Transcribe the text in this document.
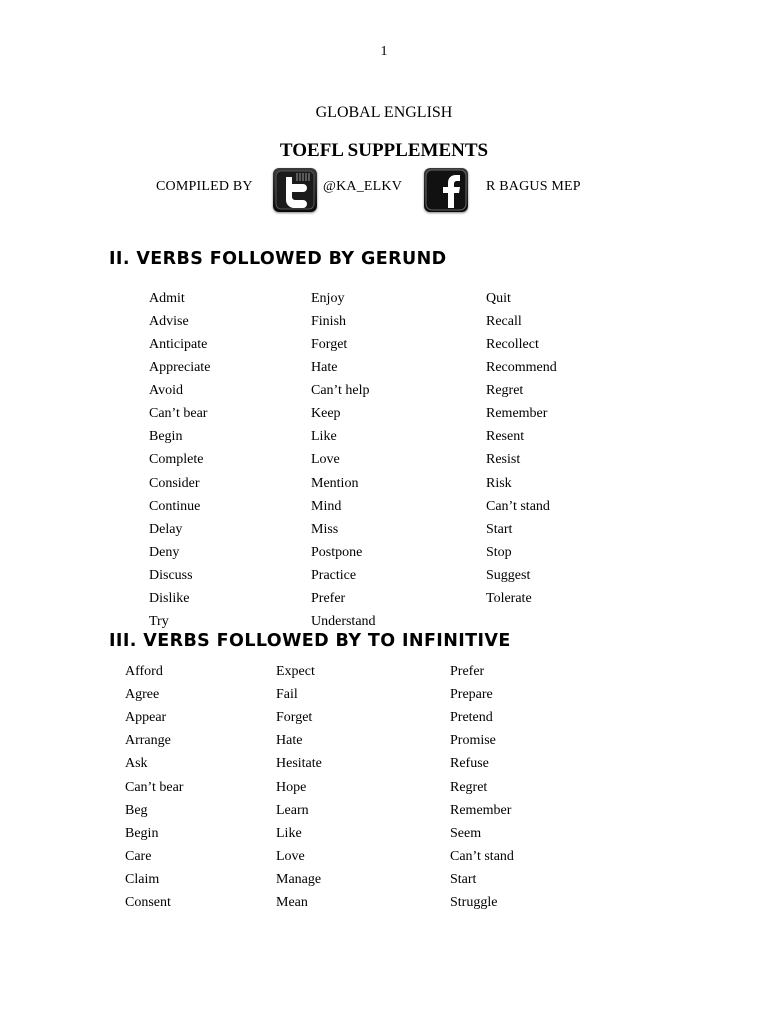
1
GLOBAL ENGLISH
TOEFL SUPPLEMENTS
COMPILED BY	@KA_ELKV	R BAGUS MEP
II. VERBS FOLLOWED BY GERUND
Admit
Advise
Anticipate
Appreciate
Avoid
Can’t bear
Begin
Complete
Consider
Continue
Delay
Deny
Discuss
Dislike
Try
Enjoy
Finish
Forget
Hate
Can’t help
Keep
Like
Love
Mention
Mind
Miss
Postpone
Practice
Prefer
Understand
Quit
Recall
Recollect
Recommend
Regret
Remember
Resent
Resist
Risk
Can’t stand
Start
Stop
Suggest
Tolerate
III. VERBS FOLLOWED BY TO INFINITIVE
Afford
Agree
Appear
Arrange
Ask
Can’t bear
Beg
Begin
Care
Claim
Consent
Expect
Fail
Forget
Hate
Hesitate
Hope
Learn
Like
Love
Manage
Mean
Prefer
Prepare
Pretend
Promise
Refuse
Regret
Remember
Seem
Can’t stand
Start
Struggle
